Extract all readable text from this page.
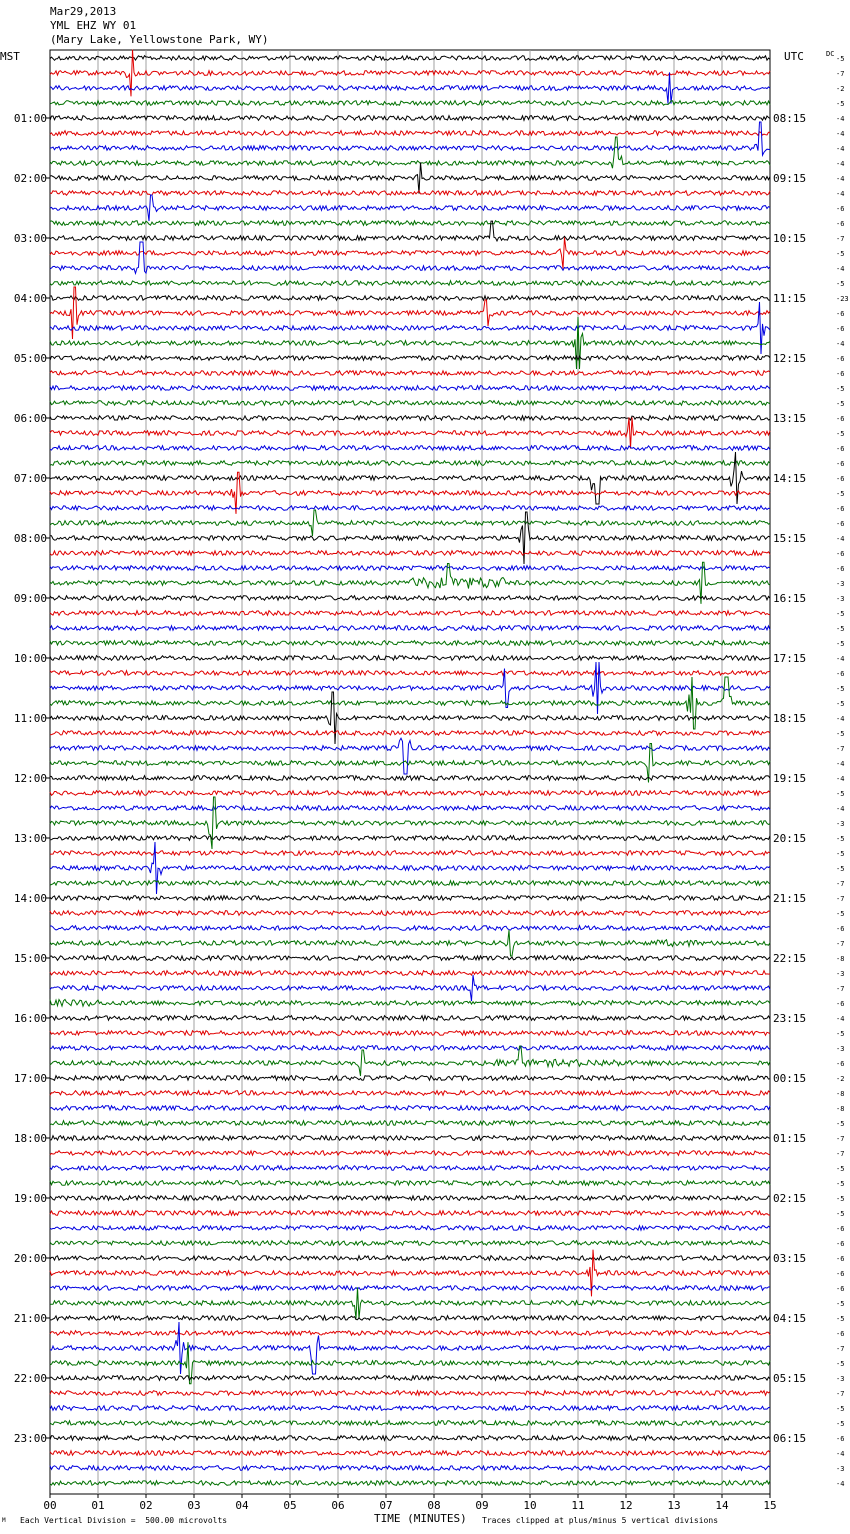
Mar29,2013
YML EHZ WY 01
(Mary Lake, Yellowstone Park, WY)
MST	UTC
01:00
02:00
03:00
04:00
05:00
06:00
07:00
08:00
09:00
10:00
11:00
12:00
13:00
14:00
15:00
16:00
17:00
18:00
19:00
20:00
21:00
22:00
23:00
08:15
09:15
10:15
11:15
12:15
13:15
14:15
15:15
16:15
17:15
18:15
19:15
20:15
21:15
22:15
23:15
00:15
01:15
02:15
03:15
04:15
05:15
06:15
DC
-5
-7
-2
-5
-4
-4
-4
-4
-4
-4
-6
-6
-7
-5
-4
-5
-23
-6
-6
-4
-6
-6
-5
-5
-6
-5
-6
-6
-6
-5
-6
-6
-4
-6
-6
-3
-3
-5
-5
-5
-4
-6
-5
-5
-4
-5
-7
-4
-4
-5
-4
-3
-5
-5
-5
-7
-7
-5
-6
-7
-8
-3
-7
-6
-4
-5
-3
-6
-2
-8
-8
-5
-7
-7
-5
-5
-5
-5
-6
-6
-6
-6
-6
-5
-5
-6
-7
-5
-3
-7
-5
-5
-6
-4
-3
-4
00	01	02	03	04	05	06	07	08	09	10	11	12	13	14	15
TIME (MINUTES)
M Each Vertical Division =  500.00 microvolts	Traces clipped at plus/minus 5 vertical divisions
